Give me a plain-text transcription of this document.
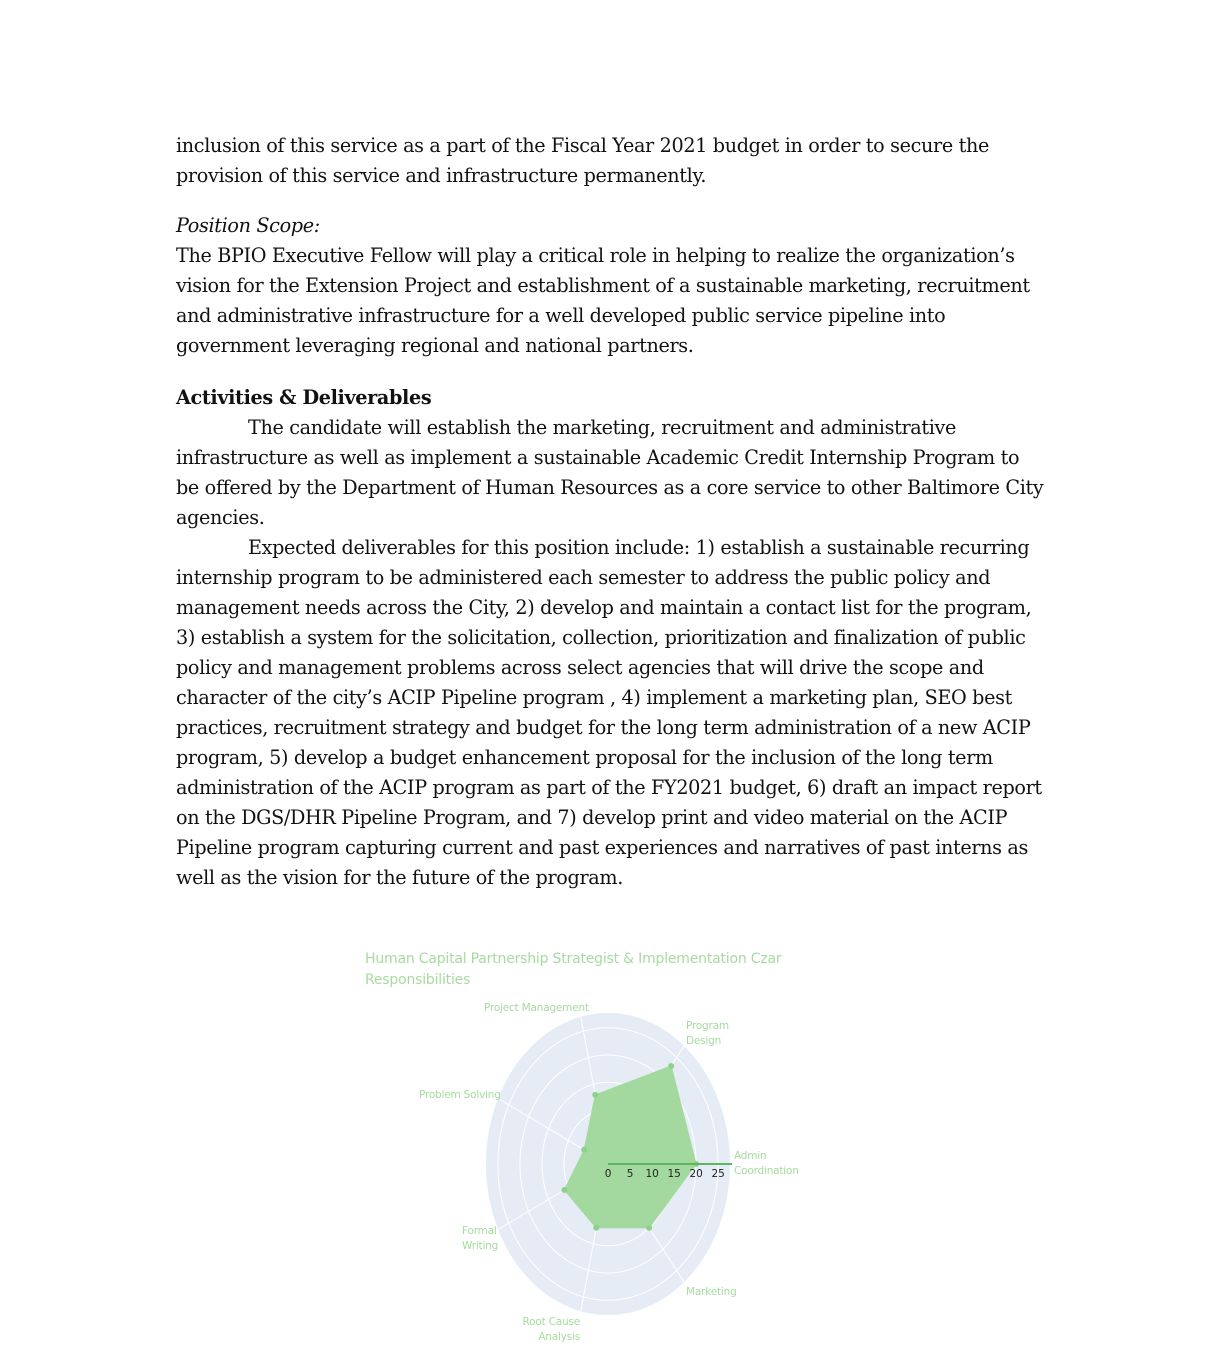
inclusion of this service as a part of the Fiscal Year 2021 budget in order to secure the provision of this service and infrastructure permanently.

Position Scope:

The BPIO Executive Fellow will play a critical role in helping to realize the organization’s vision for the Extension Project and establishment of a sustainable marketing, recruitment and administrative infrastructure for a well developed public service pipeline into government leveraging regional and national partners.

Activities & Deliverables

The candidate will establish the marketing, recruitment and administrative infrastructure as well as implement a sustainable Academic Credit Internship Program to be offered by the Department of Human Resources as a core service to other Baltimore City agencies.

Expected deliverables for this position include: 1) establish a sustainable recurring internship program to be administered each semester to address the public policy and management needs across the City, 2) develop and maintain a contact list for the program, 3) establish a system for the solicitation, collection, prioritization and finalization of public policy and management problems across select agencies that will drive the scope and character of the city’s ACIP Pipeline program , 4) implement a marketing plan, SEO best practices, recruitment strategy and budget for the long term administration of a new ACIP program, 5) develop a budget enhancement proposal for the inclusion of the long term administration of the ACIP program as part of the FY2021 budget, 6) draft an impact report on the DGS/DHR Pipeline Program, and 7) develop print and video material on the ACIP Pipeline program capturing current and past experiences and narratives of past interns as well as the vision for the future of the program.

Human Capital Partnership Strategist & Implementation Czar Responsibilities
Project Management
Program
Design
Problem Solving
Admin
Coordination
Formal
Writing
Marketing
Root Cause
Analysis
0 5 10 15 20 25
